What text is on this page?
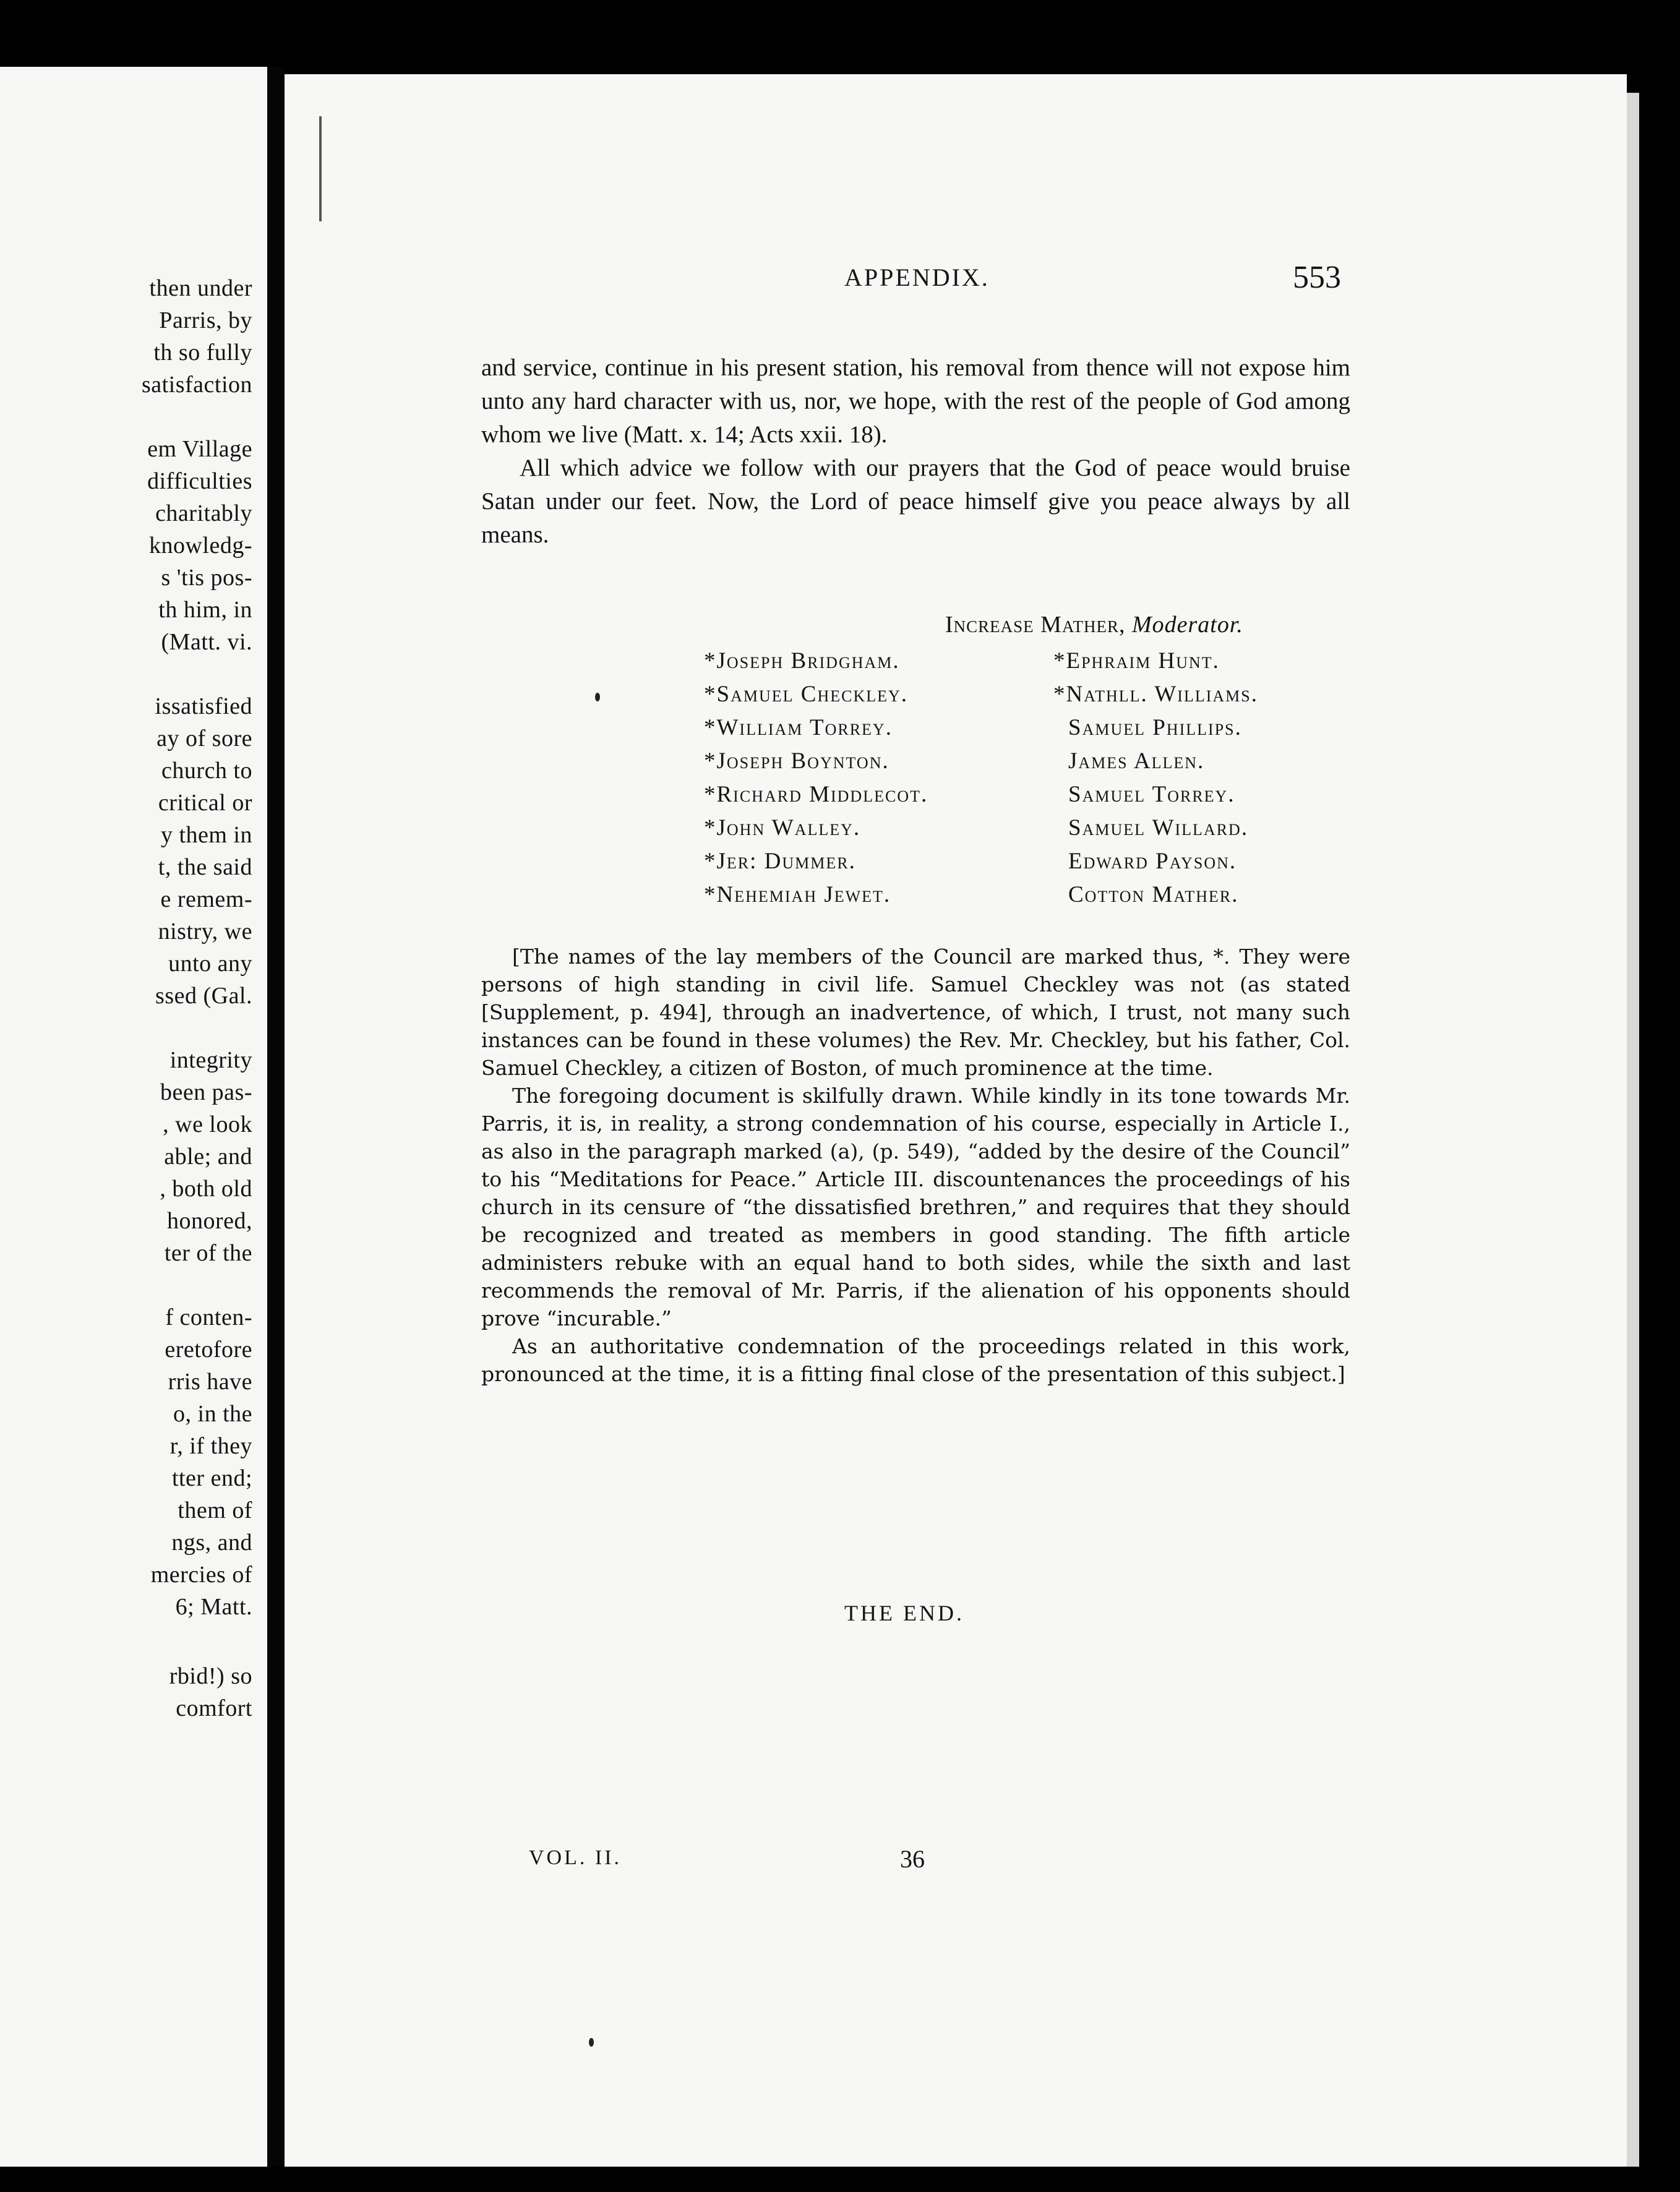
then under
Parris, by
th so fully
satisfaction
em Village
difficulties
charitably
knowledg-
s 'tis pos-
th him, in
(Matt. vi.
issatisfied
ay of sore
church to
critical or
y them in
t, the said
e remem-
nistry, we
unto any
ssed (Gal.
integrity
been pas-
, we look
able; and
, both old
honored,
ter of the
f conten-
eretofore
rris have
o, in the
r, if they
tter end;
them of
ngs, and
mercies of
6; Matt.
rbid!) so
comfort
APPENDIX.	553

and service, continue in his present station, his removal from thence will not expose him unto any hard character with us, nor, we hope, with the rest of the people of God among whom we live (Matt. x. 14; Acts xxii. 18).

All which advice we follow with our prayers that the God of peace would bruise Satan under our feet. Now, the Lord of peace himself give you peace always by all means.

Increase Mather, Moderator.
*Joseph Bridgham.
*Samuel Checkley.
*William Torrey.
*Joseph Boynton.
*Richard Middlecot.
*John Walley.
*Jer: Dummer.
*Nehemiah Jewet.
*Ephraim Hunt.
*Nathll. Williams.
Samuel Phillips.
James Allen.
Samuel Torrey.
Samuel Willard.
Edward Payson.
Cotton Mather.

[The names of the lay members of the Council are marked thus, *. They were persons of high standing in civil life. Samuel Checkley was not (as stated [Supplement, p. 494], through an inadvertence, of which, I trust, not many such instances can be found in these volumes) the Rev. Mr. Checkley, but his father, Col. Samuel Checkley, a citizen of Boston, of much prominence at the time.

The foregoing document is skilfully drawn. While kindly in its tone towards Mr. Parris, it is, in reality, a strong condemnation of his course, especially in Article I., as also in the paragraph marked (a), (p. 549), “added by the desire of the Council” to his “Meditations for Peace.” Article III. discountenances the proceedings of his church in its censure of “the dissatisfied brethren,” and requires that they should be recognized and treated as members in good standing. The fifth article administers rebuke with an equal hand to both sides, while the sixth and last recommends the removal of Mr. Parris, if the alienation of his opponents should prove “incurable.”

As an authoritative condemnation of the proceedings related in this work, pronounced at the time, it is a fitting final close of the presentation of this subject.]

THE END.
VOL. II.	36
